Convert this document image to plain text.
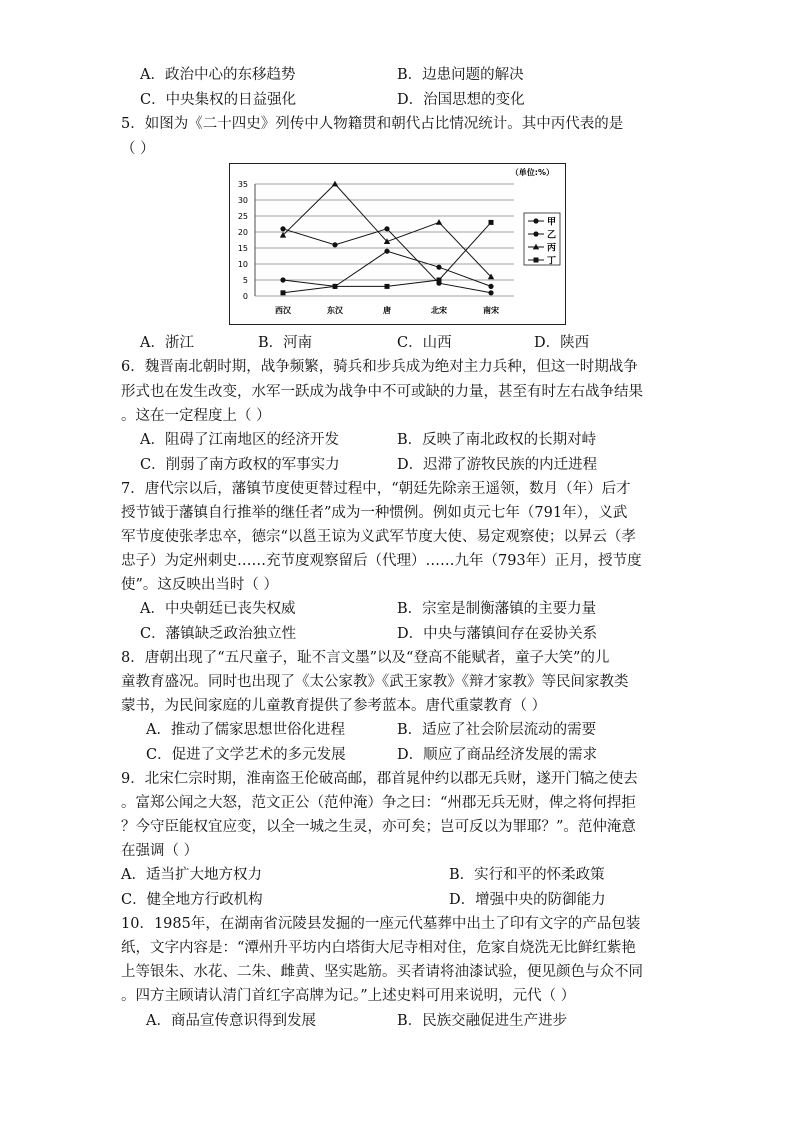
A．政治中心的东移趋势	B．边患问题的解决
C．中央集权的日益强化	D．治国思想的变化
5．如图为《二十四史》列传中人物籍贯和朝代占比情况统计。其中丙代表的是
（ ）
（单位:%）
0
5
10
15
20
25
30
35
西汉	东汉	唐	北宋	南宋
甲
乙
丙
丁
A．浙江	B．河南	C．山西	D．陕西
6．魏晋南北朝时期，战争频繁，骑兵和步兵成为绝对主力兵种，但这一时期战争
形式也在发生改变，水军一跃成为战争中不可或缺的力量，甚至有时左右战争结果
。这在一定程度上（ ）
A．阻碍了江南地区的经济开发	B．反映了南北政权的长期对峙
C．削弱了南方政权的军事实力	D．迟滞了游牧民族的内迁进程
7．唐代宗以后，藩镇节度使更替过程中，“朝廷先除亲王遥领，数月（年）后才
授节钺于藩镇自行推举的继任者”成为一种惯例。例如贞元七年（791年），义武
军节度使张孝忠卒，德宗“以邕王谅为义武军节度大使、易定观察使；以昇云（孝
忠子）为定州刺史……充节度观察留后（代理）……九年（793年）正月，授节度
使”。这反映出当时（ ）
A．中央朝廷已丧失权威	B．宗室是制衡藩镇的主要力量
C．藩镇缺乏政治独立性	D．中央与藩镇间存在妥协关系
8．唐朝出现了“五尺童子，耻不言文墨”以及“登高不能赋者，童子大笑”的儿
童教育盛况。同时也出现了《太公家教》《武王家教》《辩才家教》等民间家教类
蒙书，为民间家庭的儿童教育提供了参考蓝本。唐代重蒙教育（ ）
A．推动了儒家思想世俗化进程	B．适应了社会阶层流动的需要
C．促进了文学艺术的多元发展	D．顺应了商品经济发展的需求
9．北宋仁宗时期，淮南盗王伦破高邮，郡首晁仲约以郡无兵财，遂开门犒之使去
。富郑公闻之大怒，范文正公（范仲淹）争之曰：“州郡无兵无财，俾之将何捍拒
？今守臣能权宜应变，以全一城之生灵，亦可矣；岂可反以为罪耶？”。范仲淹意
在强调（ ）
A．适当扩大地方权力	B．实行和平的怀柔政策
C．健全地方行政机构	D．增强中央的防御能力
10．1985年，在湖南省沅陵县发掘的一座元代墓葬中出土了印有文字的产品包装
纸，文字内容是：“潭州升平坊内白塔街大尼寺相对住，危家自烧洗无比鲜红紫艳
上等银朱、水花、二朱、雌黄、坚实匙筋。买者请将油漆试验，便见颜色与众不同
。四方主顾请认清门首红字高牌为记。”上述史料可用来说明，元代（ ）
A．商品宣传意识得到发展	B．民族交融促进生产进步
